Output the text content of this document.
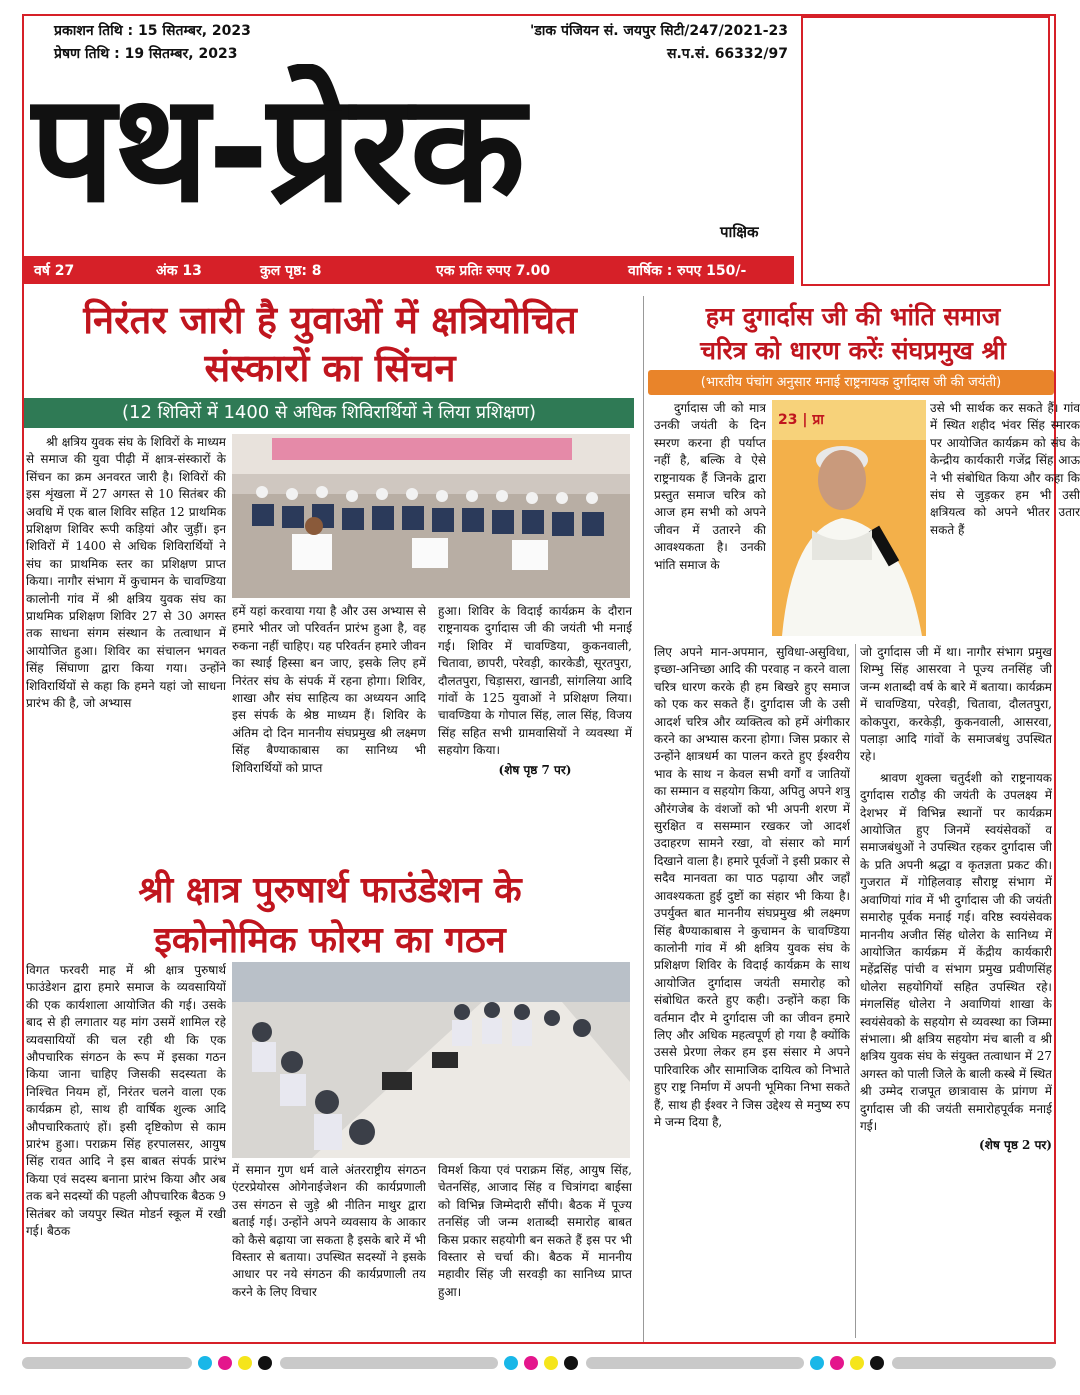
प्रकाशन तिथि : 15 सितम्बर, 2023
प्रेषण तिथि : 19 सितम्बर, 2023
'डाक पंजियन सं. जयपुर सिटी/247/2021-23
स.प.सं. 66332/97
पथ-प्रेरक	पाक्षिक
वर्ष 27	अंक 13	कुल पृष्ठ: 8	एक प्रतिः रुपए 7.00	वार्षिक : रुपए 150/-
निरंतर जारी है युवाओं में क्षत्रियोचित
संस्कारों का सिंचन
(12 शिविरों में 1400 से अधिक शिविरार्थियों ने लिया प्रशिक्षण)

श्री क्षत्रिय युवक संघ के शिविरों के माध्यम से समाज की युवा पीढ़ी में क्षात्र-संस्कारों के सिंचन का क्रम अनवरत जारी है। शिविरों की इस शृंखला में 27 अगस्त से 10 सितंबर की अवधि में एक बाल शिविर सहित 12 प्राथमिक प्रशिक्षण शिविर रूपी कड़ियां और जुड़ीं। इन शिविरों में 1400 से अधिक शिविरार्थियों ने संघ का प्राथमिक स्तर का प्रशिक्षण प्राप्त किया। नागौर संभाग में कुचामन के चावण्डिया कालोनी गांव में श्री क्षत्रिय युवक संघ का प्राथमिक प्रशिक्षण शिविर 27 से 30 अगस्त तक साधना संगम संस्थान के तत्वाधान में आयोजित हुआ। शिविर का संचालन भगवत सिंह सिंघाणा द्वारा किया गया। उन्होंने शिविरार्थियों से कहा कि हमने यहां जो साधना प्रारंभ की है, जो अभ्यास

हमें यहां करवाया गया है और उस अभ्यास से हमारे भीतर जो परिवर्तन प्रारंभ हुआ है, वह रुकना नहीं चाहिए। यह परिवर्तन हमारे जीवन का स्थाई हिस्सा बन जाए, इसके लिए हमें निरंतर संघ के संपर्क में रहना होगा। शिविर, शाखा और संघ साहित्य का अध्ययन आदि इस संपर्क के श्रेष्ठ माध्यम हैं। शिविर के अंतिम दो दिन माननीय संघप्रमुख श्री लक्ष्मण सिंह बैण्याकाबास का सानिध्य भी शिविरार्थियों को प्राप्त

हुआ। शिविर के विदाई कार्यक्रम के दौरान राष्ट्रनायक दुर्गादास जी की जयंती भी मनाई गई। शिविर में चावण्डिया, कुकनवाली, चितावा, छापरी, परेवड़ी, कारकेडी, सूरतपुरा, दौलतपुरा, चिड़ासरा, खानडी, सांगलिया आदि गांवों के 125 युवाओं ने प्रशिक्षण लिया। चावण्डिया के गोपाल सिंह, लाल सिंह, विजय सिंह सहित सभी ग्रामवासियों ने व्यवस्था में सहयोग किया।

(शेष पृष्ठ 7 पर)
श्री क्षात्र पुरुषार्थ फाउंडेशन के
इकोनोमिक फोरम का गठन

विगत फरवरी माह में श्री क्षात्र पुरुषार्थ फाउंडेशन द्वारा हमारे समाज के व्यवसायियों की एक कार्यशाला आयोजित की गई। उसके बाद से ही लगातार यह मांग उसमें शामिल रहे व्यवसायियों की चल रही थी कि एक औपचारिक संगठन के रूप में इसका गठन किया जाना चाहिए जिसकी सदस्यता के निश्चित नियम हों, निरंतर चलने वाला एक कार्यक्रम हो, साथ ही वार्षिक शुल्क आदि औपचारिकताएं हों। इसी दृष्टिकोण से काम प्रारंभ हुआ। पराक्रम सिंह हरपालसर, आयुष सिंह रावत आदि ने इस बाबत संपर्क प्रारंभ किया एवं सदस्य बनाना प्रारंभ किया और अब तक बने सदस्यों की पहली औपचारिक बैठक 9 सितंबर को जयपुर स्थित मोडर्न स्कूल में रखी गई। बैठक

में समान गुण धर्म वाले अंतरराष्ट्रीय संगठन एंटरप्रेयोरस ओगेनाईजेशन की कार्यप्रणाली उस संगठन से जुड़े श्री नीतिन माथुर द्वारा बताई गई। उन्होंने अपने व्यवसाय के आकार को कैसे बढ़ाया जा सकता है इसके बारे में भी विस्तार से बताया। उपस्थित सदस्यों ने इसके आधार पर नये संगठन की कार्यप्रणाली तय करने के लिए विचार

विमर्श किया एवं पराक्रम सिंह, आयुष सिंह, चेतनसिंह, आजाद सिंह व चित्रांगदा बाईसा को विभिन्न जिम्मेदारी सौंपी। बैठक में पूज्य तनसिंह जी जन्म शताब्दी समारोह बाबत किस प्रकार सहयोगी बन सकते हैं इस पर भी विस्तार से चर्चा की। बैठक में माननीय महावीर सिंह जी सरवड़ी का सानिध्य प्राप्त हुआ।

हम दुगार्दास जी की भांति समाज
चरित्र को धारण करेंः संघप्रमुख श्री
(भारतीय पंचांग अनुसार मनाई राष्ट्रनायक दुर्गादास जी की जयंती)
23 | प्रा

दुर्गादास जी को मात्र उनकी जयंती के दिन स्मरण करना ही पर्याप्त नहीं है, बल्कि वे ऐसे राष्ट्रनायक हैं जिनके द्वारा प्रस्तुत समाज चरित्र को आज हम सभी को अपने जीवन में उतारने की आवश्यकता है। उनकी भांति समाज के

लिए अपने मान-अपमान, सुविधा-असुविधा, इच्छा-अनिच्छा आदि की परवाह न करने वाला चरित्र धारण करके ही हम बिखरे हुए समाज को एक कर सकते हैं। दुर्गादास जी के उसी आदर्श चरित्र और व्यक्तित्व को हमें अंगीकार करने का अभ्यास करना होगा। जिस प्रकार से उन्होंने क्षात्रधर्म का पालन करते हुए ईश्वरीय भाव के साथ न केवल सभी वर्गों व जातियों का सम्मान व सहयोग किया, अपितु अपने शत्रु औरंगजेब के वंशजों को भी अपनी शरण में सुरक्षित व ससम्मान रखकर जो आदर्श उदाहरण सामने रखा, वो संसार को मार्ग दिखाने वाला है। हमारे पूर्वजों ने इसी प्रकार से सदैव मानवता का पाठ पढ़ाया और जहाँ आवश्यकता हुई दुष्टों का संहार भी किया है। उपर्युक्त बात माननीय संघप्रमुख श्री लक्ष्मण सिंह बैण्याकाबास ने कुचामन के चावण्डिया कालोनी गांव में श्री क्षत्रिय युवक संघ के प्रशिक्षण शिविर के विदाई कार्यक्रम के साथ आयोजित दुर्गादास जयंती समारोह को संबोधित करते हुए कही। उन्होंने कहा कि वर्तमान दौर मे दुर्गादास जी का जीवन हमारे लिए और अधिक महत्वपूर्ण हो गया है क्योंकि उससे प्रेरणा लेकर हम इस संसार मे अपने पारिवारिक और सामाजिक दायित्व को निभाते हुए राष्ट्र निर्माण में अपनी भूमिका निभा सकते हैं, साथ ही ईश्वर ने जिस उद्देश्य से मनुष्य रुप मे जन्म दिया है,

उसे भी सार्थक कर सकते हैं। गांव में स्थित शहीद भंवर सिंह स्मारक पर आयोजित कार्यक्रम को संघ के केन्द्रीय कार्यकारी गजेंद्र सिंह आऊ ने भी संबोधित किया और कहा कि संघ से जुड़कर हम भी उसी क्षत्रियत्व को अपने भीतर उतार सकते हैं

जो दुर्गादास जी में था। नागौर संभाग प्रमुख शिम्भु सिंह आसरवा ने पूज्य तनसिंह जी जन्म शताब्दी वर्ष के बारे में बताया। कार्यक्रम में चावण्डिया, परेवड़ी, चितावा, दौलतपुरा, कोकपुरा, करकेड़ी, कुकनवाली, आसरवा, पलाड़ा आदि गांवों के समाजबंधु उपस्थित रहे।

श्रावण शुक्ला चतुर्दशी को राष्ट्रनायक दुर्गादास राठौड़ की जयंती के उपलक्ष्य में देशभर में विभिन्न स्थानों पर कार्यक्रम आयोजित हुए जिनमें स्वयंसेवकों व समाजबंधुओं ने उपस्थित रहकर दुर्गादास जी के प्रति अपनी श्रद्धा व कृतज्ञता प्रकट की। गुजरात में गोहिलवाड़ सौराष्ट्र संभाग में अवाणियां गांव में भी दुर्गादास जी की जयंती समारोह पूर्वक मनाई गई। वरिष्ठ स्वयंसेवक माननीय अजीत सिंह धोलेरा के सानिध्य में आयोजित कार्यक्रम में केंद्रीय कार्यकारी महेंद्रसिंह पांची व संभाग प्रमुख प्रवीणसिंह धोलेरा सहयोगियों सहित उपस्थित रहे। मंगलसिंह धोलेरा ने अवाणियां शाखा के स्वयंसेवको के सहयोग से व्यवस्था का जिम्मा संभाला। श्री क्षत्रिय सहयोग मंच बाली व श्री क्षत्रिय युवक संघ के संयुक्त तत्वाधान में 27 अगस्त को पाली जिले के बाली कस्बे में स्थित श्री उम्मेद राजपूत छात्रावास के प्रांगण में दुर्गादास जी की जयंती समारोहपूर्वक मनाई गई।

(शेष पृष्ठ 2 पर)
